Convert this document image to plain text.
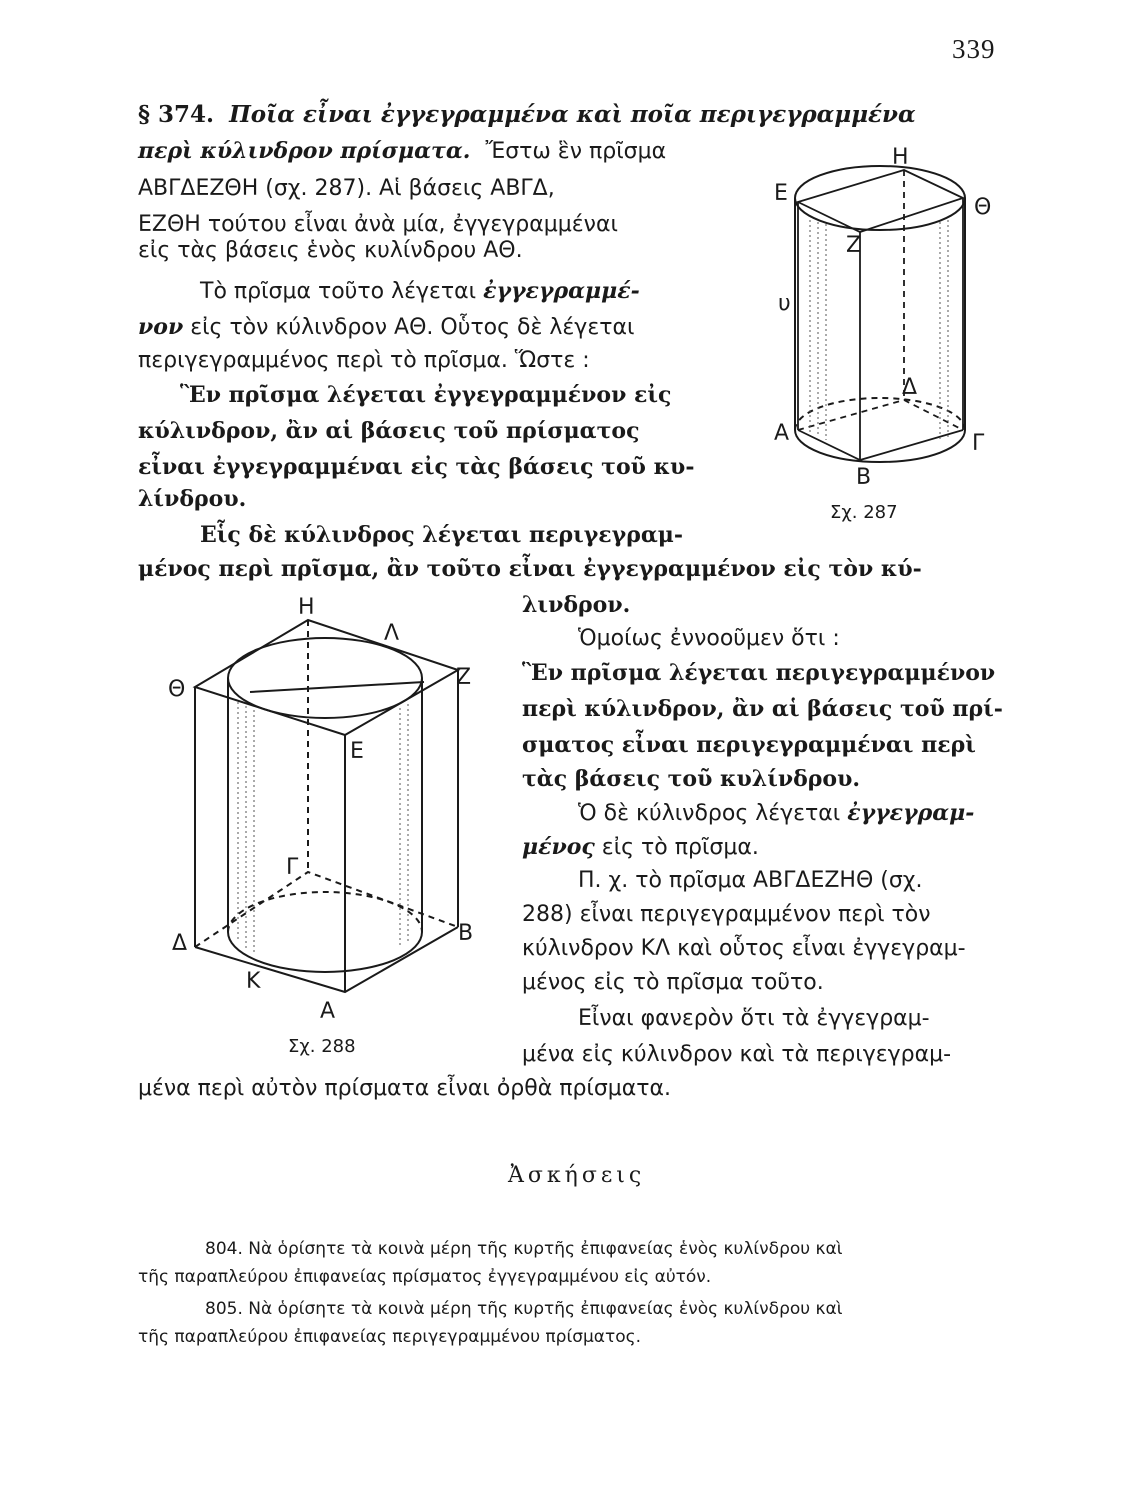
339
§ 374. Ποῖα εἶναι ἐγγεγραμμένα καὶ ποῖα περιγεγραμμένα
περὶ κύλινδρον πρίσματα. Ἔστω ἓν πρῖσμα
ΑΒΓΔΕΖΘΗ (σχ. 287). Αἱ βάσεις ΑΒΓΔ,
ΕΖΘΗ τούτου εἶναι ἀνὰ μία, ἐγγεγραμμέναι
εἰς τὰς βάσεις ἑνὸς κυλίνδρου ΑΘ.
Τὸ πρῖσμα τοῦτο λέγεται ἐγγεγραμμέ-
νον εἰς τὸν κύλινδρον ΑΘ. Οὗτος δὲ λέγεται
περιγεγραμμένος περὶ τὸ πρῖσμα. Ὥστε :
Ἓν πρῖσμα λέγεται ἐγγεγραμμένον εἰς
κύλινδρον, ἂν αἱ βάσεις τοῦ πρίσματος
εἶναι ἐγγεγραμμέναι εἰς τὰς βάσεις τοῦ κυ-
λίνδρου.
Εἷς δὲ κύλινδρος λέγεται περιγεγραμ-
μένος περὶ πρῖσμα, ἂν τοῦτο εἶναι ἐγγεγραμμένον εἰς τὸν κύ-
λινδρον.
Ὁμοίως ἐννοοῦμεν ὅτι :
Ἓν πρῖσμα λέγεται περιγεγραμμένον
περὶ κύλινδρον, ἂν αἱ βάσεις τοῦ πρί-
σματος εἶναι περιγεγραμμέναι περὶ
τὰς βάσεις τοῦ κυλίνδρου.
Ὁ δὲ κύλινδρος λέγεται ἐγγεγραμ-
μένος εἰς τὸ πρῖσμα.
Π. χ. τὸ πρῖσμα ΑΒΓΔΕΖΗΘ (σχ.
288) εἶναι περιγεγραμμένον περὶ τὸν
κύλινδρον ΚΛ καὶ οὗτος εἶναι ἐγγεγραμ-
μένος εἰς τὸ πρῖσμα τοῦτο.
Εἶναι φανερὸν ὅτι τὰ ἐγγεγραμ-
μένα εἰς κύλινδρον καὶ τὰ περιγεγραμ-
μένα περὶ αὐτὸν πρίσματα εἶναι ὀρθὰ πρίσματα.
Ἀσκήσεις
804. Νὰ ὁρίσητε τὰ κοινὰ μέρη τῆς κυρτῆς ἐπιφανείας ἑνὸς κυλίνδρου καὶ
τῆς παραπλεύρου ἐπιφανείας πρίσματος ἐγγεγραμμένου εἰς αὐτόν.
805. Νὰ ὁρίσητε τὰ κοινὰ μέρη τῆς κυρτῆς ἐπιφανείας ἑνὸς κυλίνδρου καὶ
τῆς παραπλεύρου ἐπιφανείας περιγεγραμμένου πρίσματος.
Ε
Η
Θ
Ζ
υ
Δ
Α	Γ
Β
Σχ. 287
Η
Λ
Θ	Ζ
Ε
Γ
Δ	Β
Κ
Α
Σχ. 288
